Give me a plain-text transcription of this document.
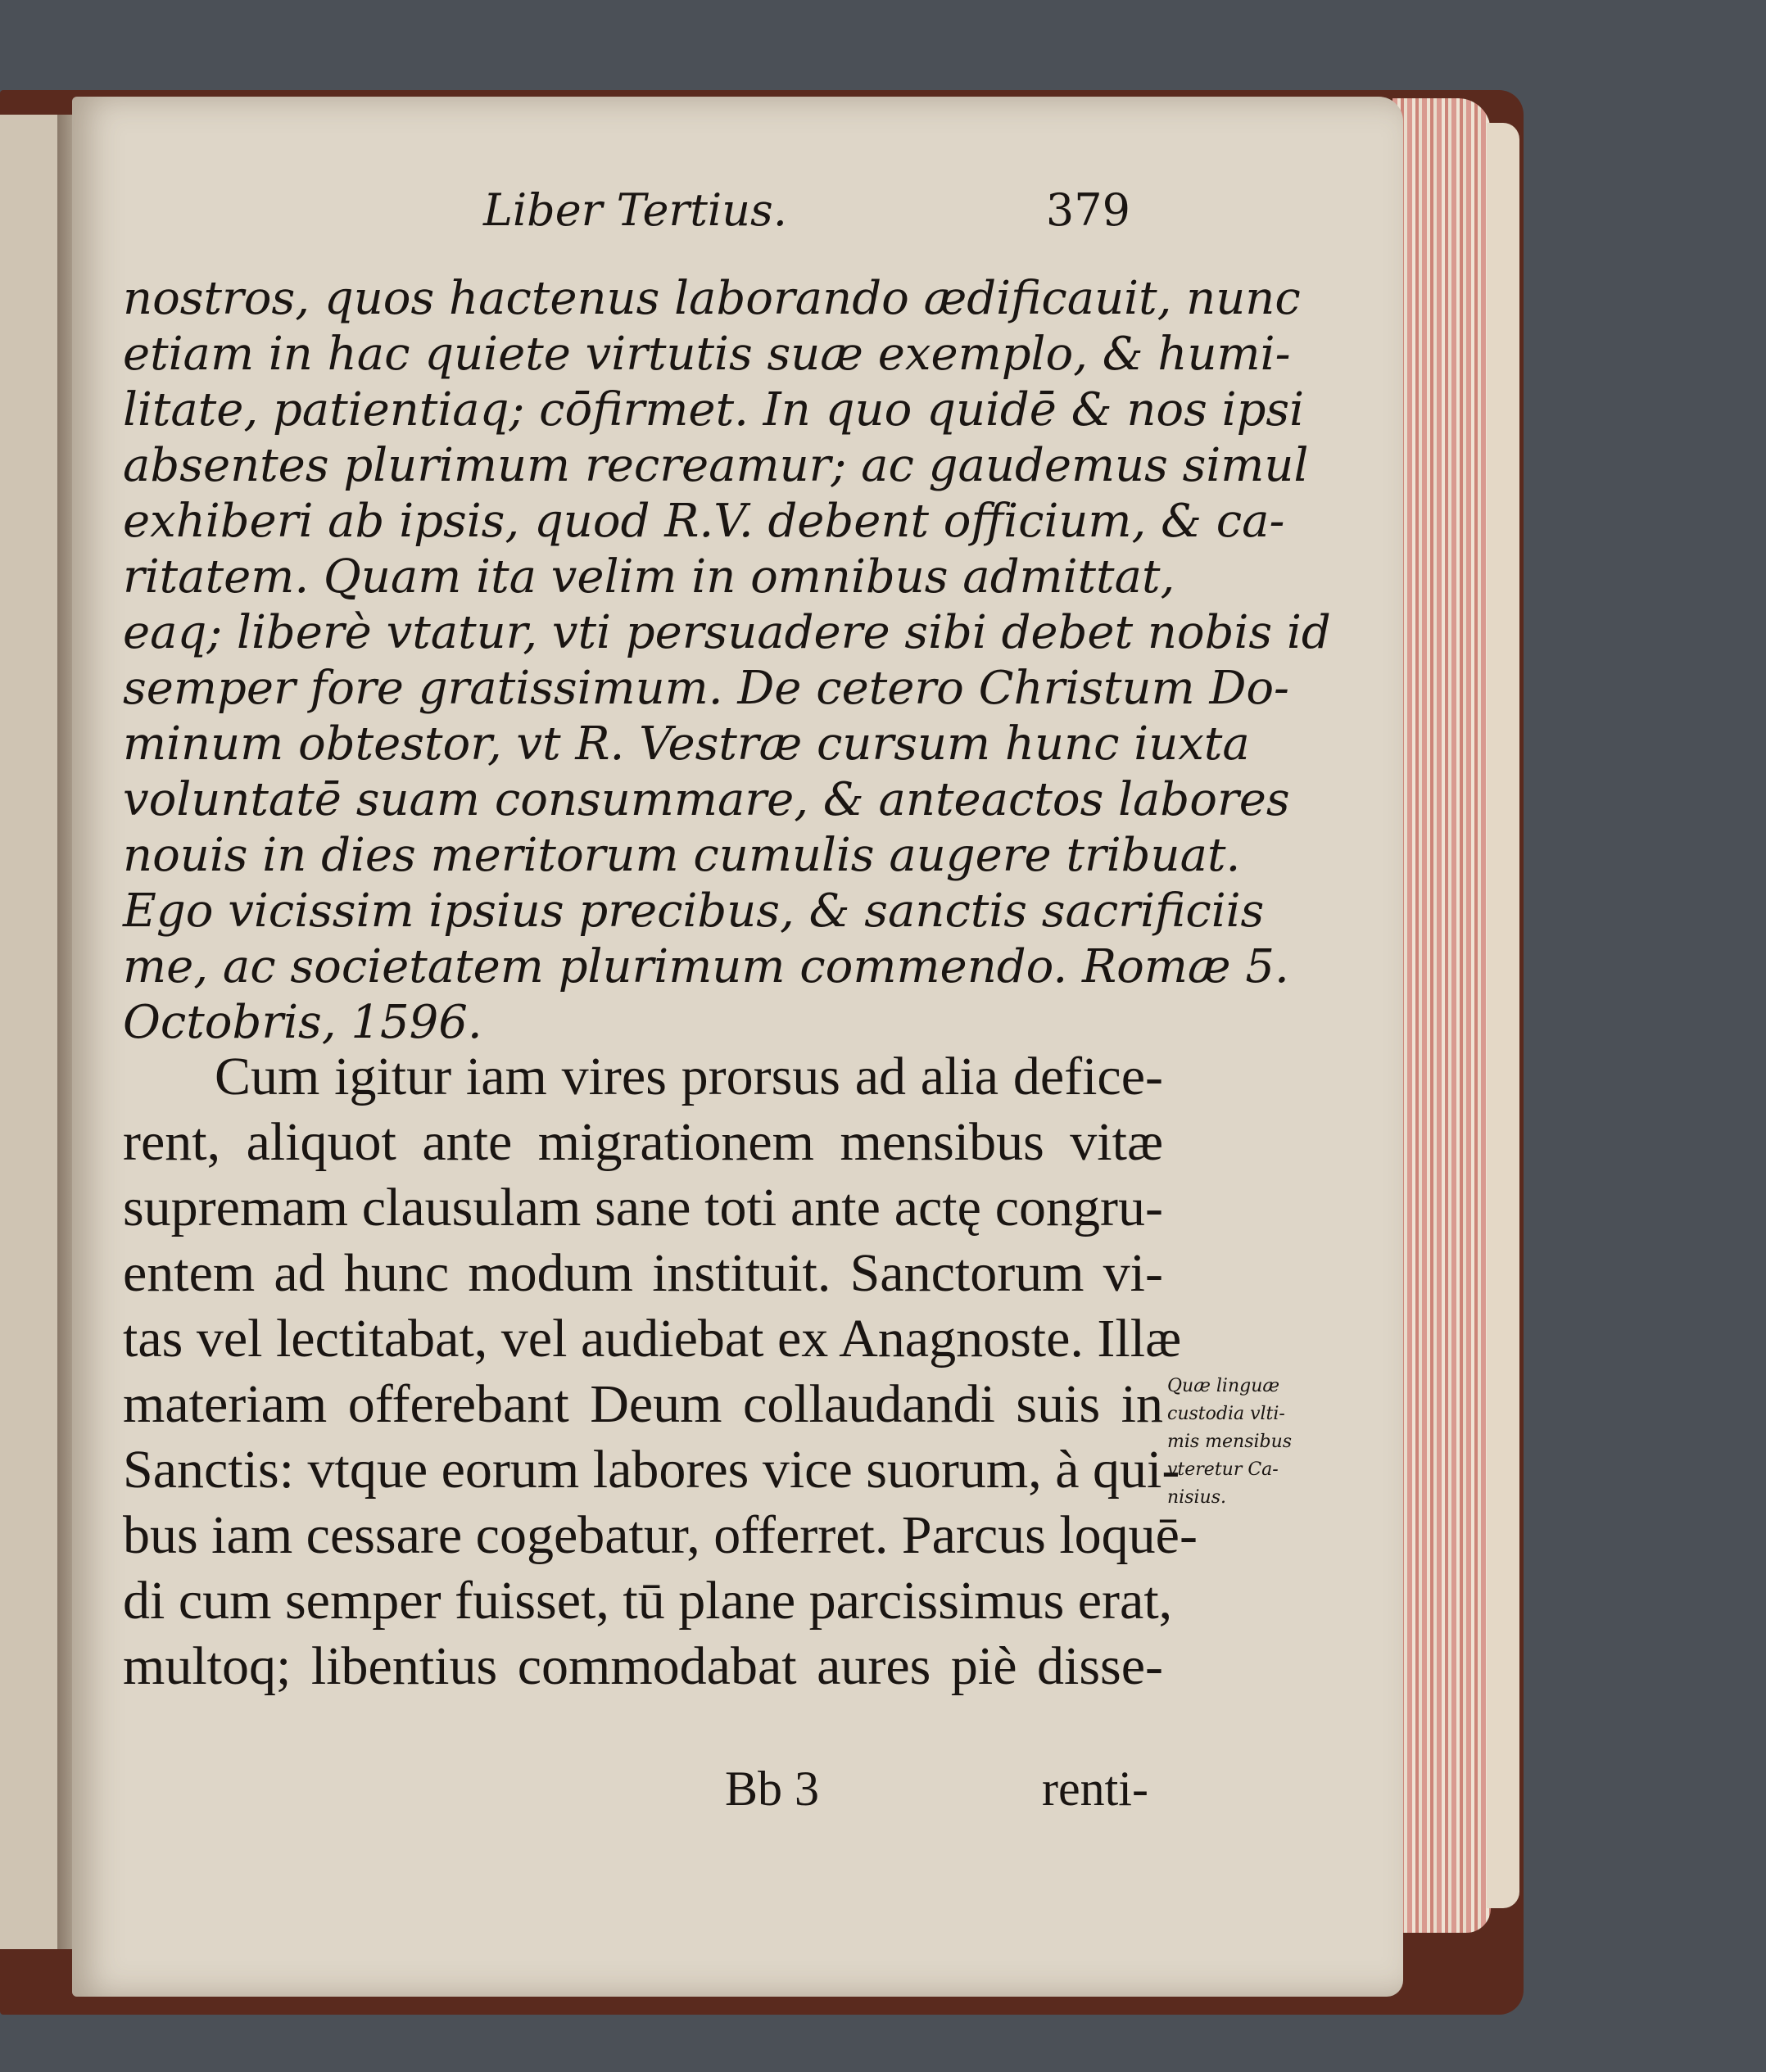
Liber Tertius.	379
nostros, quos hactenus laborando ædificauit, nunc
etiam in hac quiete virtutis suæ exemplo, & humi-
litate, patientiaq; cōfirmet. In quo quidē & nos ipsi
absentes plurimum recreamur; ac gaudemus simul
exhiberi ab ipsis, quod R.V. debent officium, & ca-
ritatem. Quam ita velim in omnibus admittat,
eaq; liberè vtatur, vti persuadere sibi debet nobis id
semper fore gratissimum. De cetero Christum Do-
minum obtestor, vt R. Vestræ cursum hunc iuxta
voluntatē suam consummare, & anteactos labores
nouis in dies meritorum cumulis augere tribuat.
Ego vicissim ipsius precibus, & sanctis sacrificiis
me, ac societatem plurimum commendo. Romæ 5.
Octobris, 1596.
Cum igitur iam vires prorsus ad alia defice-
rent, aliquot ante migrationem mensibus vitæ
supremam clausulam sane toti ante actę congru-
entem ad hunc modum instituit. Sanctorum vi-
tas vel lectitabat, vel audiebat ex Anagnoste. Illæ
materiam offerebant Deum collaudandi suis in
Sanctis: vtque eorum labores vice suorum, à qui-
bus iam cessare cogebatur, offerret. Parcus loquē-
di cum semper fuisset, tū plane parcissimus erat,
multoq; libentius commodabat aures piè disse-
Quæ linguæ
custodia vlti-
mis mensibus
vteretur Ca-
nisius.
Bb 3	renti-
